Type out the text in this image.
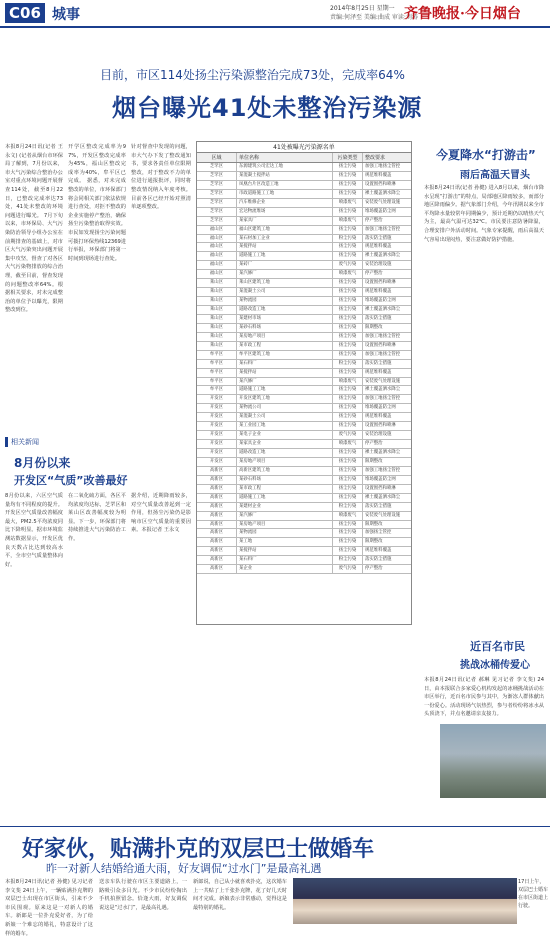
C06 城事	2014年8月25日 星期一
责编:何泽至 美编:曲成 审读:刘涛
齐鲁晚报·今日烟台
目前，市区114处扬尘污染源整治完成73处，完成率64%
烟台曝光41处未整治污染源
本报8月24日讯(记者 王永文) (记者从烟台市环保局了解到，7月份以来，市大气污染综合整治办公室对重点环境问题开展督查114处，截至8月22日，已整改完成率达73处，41处未整改的环境问题进行曝光。 7月下旬以来，市环保局、大气污染防治领导小组办公室在前期排查的基础上，对市区大气污染突出问题开展集中攻坚，督查了对各区大气污染物排放的综合治理，截至目前，督查发现的问题整改率64%。根据相关要求，对未完成整治的单位予以曝光，限期整改到位。
开学区整改完成率为97%，开发区整改完成率为45%，福山区整改完成率为40%，牟平区已完成。 据悉，对未完成整改的单位，市环保部门将会同相关部门依法依规进行查处，对拒不整改的企业实施停产整治，确保扬尘污染整治取得实效。市民如发现扬尘污染问题可拨打环保热线12369进行举报，环保部门将第一时间到现场进行查处。
针对督查中发现的问题，市大气办下发了整改通知书，要求各责任单位限期整改，对于整改不力的单位进行通报批评，同时将整改情况纳入年度考核。目前各区已经开始对照清单逐项整改。
41处被曝光污染源名单
区域	单位名称	污染类型	整改要求
芝罘区	东源建筑公司宏达工地	扬尘污染	加强工地扬尘管控
芝罘区	某混凝土搅拌站	扬尘污染	规范堆料覆盖
芝罘区	凤凰台片区改造工地	扬尘污染	设置围挡和喷淋
芝罘区	市政道路施工工地	扬尘污染	裸土覆盖洒水降尘
芝罘区	汽车维修企业	喷漆废气	安装废气处理设施
芝罘区	宏达物流堆场	扬尘污染	堆场覆盖防尘网
芝罘区	某家具厂	喷漆废气	停产整治
福山区	福山区建筑工地	扬尘污染	加强工地扬尘管控
福山区	某石材加工企业	粉尘污染	落实防尘措施
福山区	某搅拌站	扬尘污染	规范堆料覆盖
福山区	道路施工工地	扬尘污染	裸土覆盖洒水降尘
福山区	某砖厂	废气污染	安装治理设施
福山区	某汽修厂	喷漆废气	停产整治
莱山区	莱山区建筑工地	扬尘污染	设置围挡和喷淋
莱山区	某混凝土公司	扬尘污染	规范堆料覆盖
莱山区	某物流园	扬尘污染	堆场覆盖防尘网
莱山区	道路改造工地	扬尘污染	裸土覆盖洒水降尘
莱山区	某建材市场	扬尘污染	落实防尘措施
莱山区	某砂石料场	扬尘污染	限期整改
莱山区	某房地产项目	扬尘污染	加强工地扬尘管控
莱山区	某市政工程	扬尘污染	设置围挡和喷淋
牟平区	牟平区建筑工地	扬尘污染	加强工地扬尘管控
牟平区	某石料厂	粉尘污染	落实防尘措施
牟平区	某搅拌站	扬尘污染	规范堆料覆盖
牟平区	某汽修厂	喷漆废气	安装废气处理设施
牟平区	道路施工工地	扬尘污染	裸土覆盖洒水降尘
开发区	开发区建筑工地	扬尘污染	加强工地扬尘管控
开发区	某物流公司	扬尘污染	堆场覆盖防尘网
开发区	某混凝土公司	扬尘污染	规范堆料覆盖
开发区	某工业园工地	扬尘污染	设置围挡和喷淋
开发区	某电子企业	废气污染	安装治理设施
开发区	某家具企业	喷漆废气	停产整治
开发区	道路改造工地	扬尘污染	裸土覆盖洒水降尘
开发区	某房地产项目	扬尘污染	限期整改
高新区	高新区建筑工地	扬尘污染	加强工地扬尘管控
高新区	某砂石料场	扬尘污染	堆场覆盖防尘网
高新区	某市政工程	扬尘污染	设置围挡和喷淋
高新区	道路施工工地	扬尘污染	裸土覆盖洒水降尘
高新区	某建材企业	粉尘污染	落实防尘措施
高新区	某汽修厂	喷漆废气	安装废气处理设施
高新区	某房地产项目	扬尘污染	限期整改
高新区	某物流园	扬尘污染	加强扬尘管控
高新区	某工地	扬尘污染	限期整改
高新区	某搅拌站	扬尘污染	规范堆料覆盖
高新区	某石料厂	粉尘污染	落实防尘措施
高新区	某企业	废气污染	停产整治
相关新闻
8月份以来
开发区“气质”改善最好
8月份以来，六区空气质量均有不同程度的提升。开发区空气质量改善幅度最大，PM2.5平均浓度同比下降明显。据市环境监测站数据显示，开发区优良天数占比达到较高水平，全市空气质量整体向好。
在二氧化硫方面，各区平均浓度均达标，芝罘区和莱山区改善幅度较为明显。下一步，环保部门将持续推进大气污染防治工作。
据介绍，近期降雨较多，对空气质量改善起到一定作用，但扬尘污染仍是影响市区空气质量的重要因素。本报记者 王永文
今夏降水“打游击”
雨后高温天冒头
本报8月24日讯(记者 孙健) 进入8月以来，烟台市降水呈现“打游击”的特点，局部地区降雨较多，而部分地区降雨偏少。据气象部门介绍，今年汛期以来全市平均降水量较常年同期偏少，预计近期仍以晴热天气为主，最高气温可达32℃。市民要注意防暑降温，合理安排户外活动时间。气象专家提醒，雨后高温天气容易出现闷热，要注意做好防护措施。
近百名市民
挑战冰桶传爱心
本报8月24日讯(记者 郝琳 见习记者 李文斐) 24日，由本报联合多家爱心机构发起的冰桶挑战活动在市区举行，近百名市民参与其中，为渐冻人群体献出一份爱心。活动现场气氛热烈，参与者纷纷将冰水从头顶浇下，并点名邀请亲友接力。
好家伙，贴满扑克的双层巴士做婚车
昨一对新人结婚给通大雨，好友调侃“过水门”是最高礼遇
本报8月24日讯(记者 孙健) 见习记者 李文斐 24日上午，一辆贴满扑克牌的双层巴士出现在市区街头，引来不少市民围观。原来这是一对新人的婚车。新郎是一位扑克爱好者，为了给新娘一个难忘的婚礼，特意设计了这样的婚车。
送亲车队行驶在市区主要道路上，一路吸引众多目光。不少市民纷纷掏出手机拍照留念。恰逢大雨，好友调侃说这是“过水门”，是最高礼遇。
新郎说，自己从小就喜欢扑克，这次婚车上一共贴了上千张扑克牌，花了好几天时间才完成。新娘表示非常感动，觉得这是最特别的婚礼。
17日上午，双层巴士婚车在市区街道上行驶。
